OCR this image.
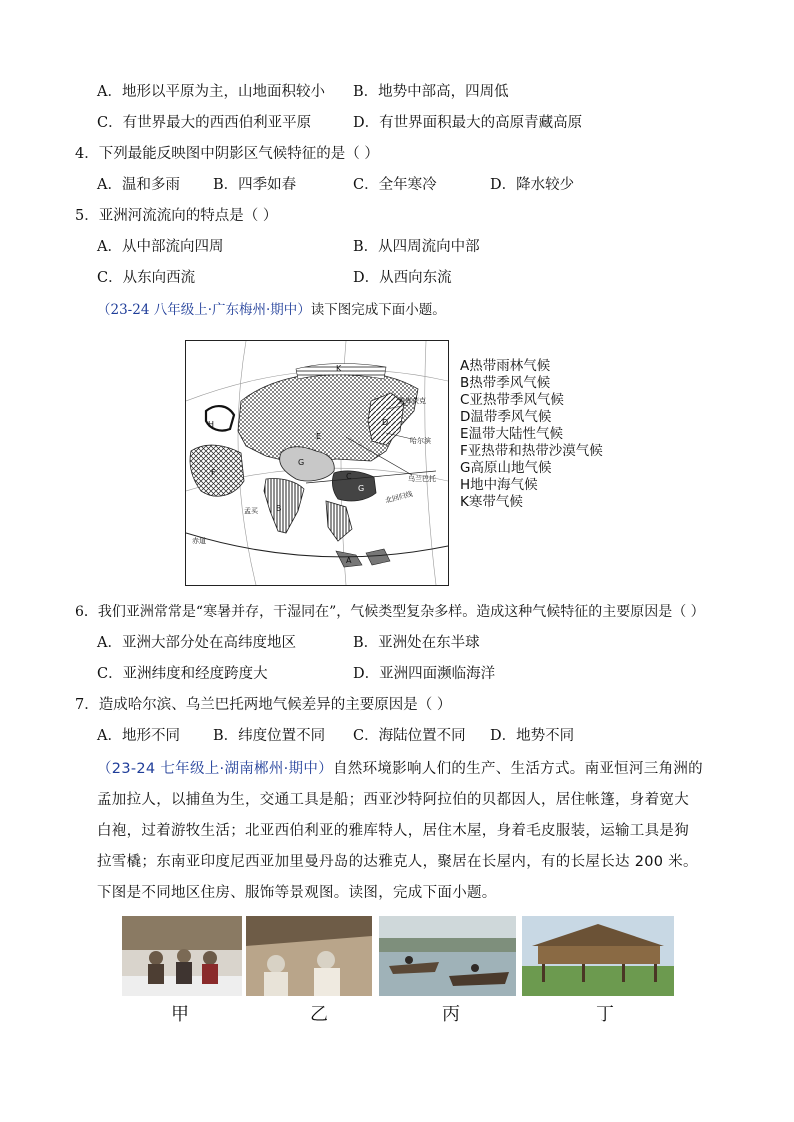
A．地形以平原为主，山地面积较小 B．地势中部高，四周低
C．有世界最大的西西伯利亚平原	D．有世界面积最大的高原青藏高原
4．下列最能反映图中阴影区气候特征的是（ ）
A．温和多雨 B．四季如春	C．全年寒冷	D．降水较少
5．亚洲河流流向的特点是（ ）
A．从中部流向四周	B．从四周流向中部
C．从东向西流	D．从西向东流
（23-24 八年级上·广东梅州·期中）读下图完成下面小题。
E
G
G
F
B
H
C
D
A
K
雅库茨克
哈尔滨
乌兰巴托
北回归线
孟买
赤道
A热带雨林气候
B热带季风气候
C亚热带季风气候
D温带季风气候
E温带大陆性气候
F亚热带和热带沙漠气候
G高原山地气候
H地中海气候
K寒带气候
6．我们亚洲常常是“寒暑并存，干湿同在”，气候类型复杂多样。造成这种气候特征的主要原因是（ ）
A．亚洲大部分处在高纬度地区	B．亚洲处在东半球
C．亚洲纬度和经度跨度大	D．亚洲四面濒临海洋
7．造成哈尔滨、乌兰巴托两地气候差异的主要原因是（ ）
A．地形不同 B．纬度位置不同 C．海陆位置不同 D．地势不同
（23-24 七年级上·湖南郴州·期中）自然环境影响人们的生产、生活方式。南亚恒河三角洲的孟加拉人，以捕鱼为生，交通工具是船；西亚沙特阿拉伯的贝都因人，居住帐篷，身着宽大白袍，过着游牧生活；北亚西伯利亚的雅库特人，居住木屋，身着毛皮服装，运输工具是狗拉雪橇；东南亚印度尼西亚加里曼丹岛的达雅克人，聚居在长屋内，有的长屋长达 200 米。下图是不同地区住房、服饰等景观图。读图，完成下面小题。
甲	乙	丙	丁
